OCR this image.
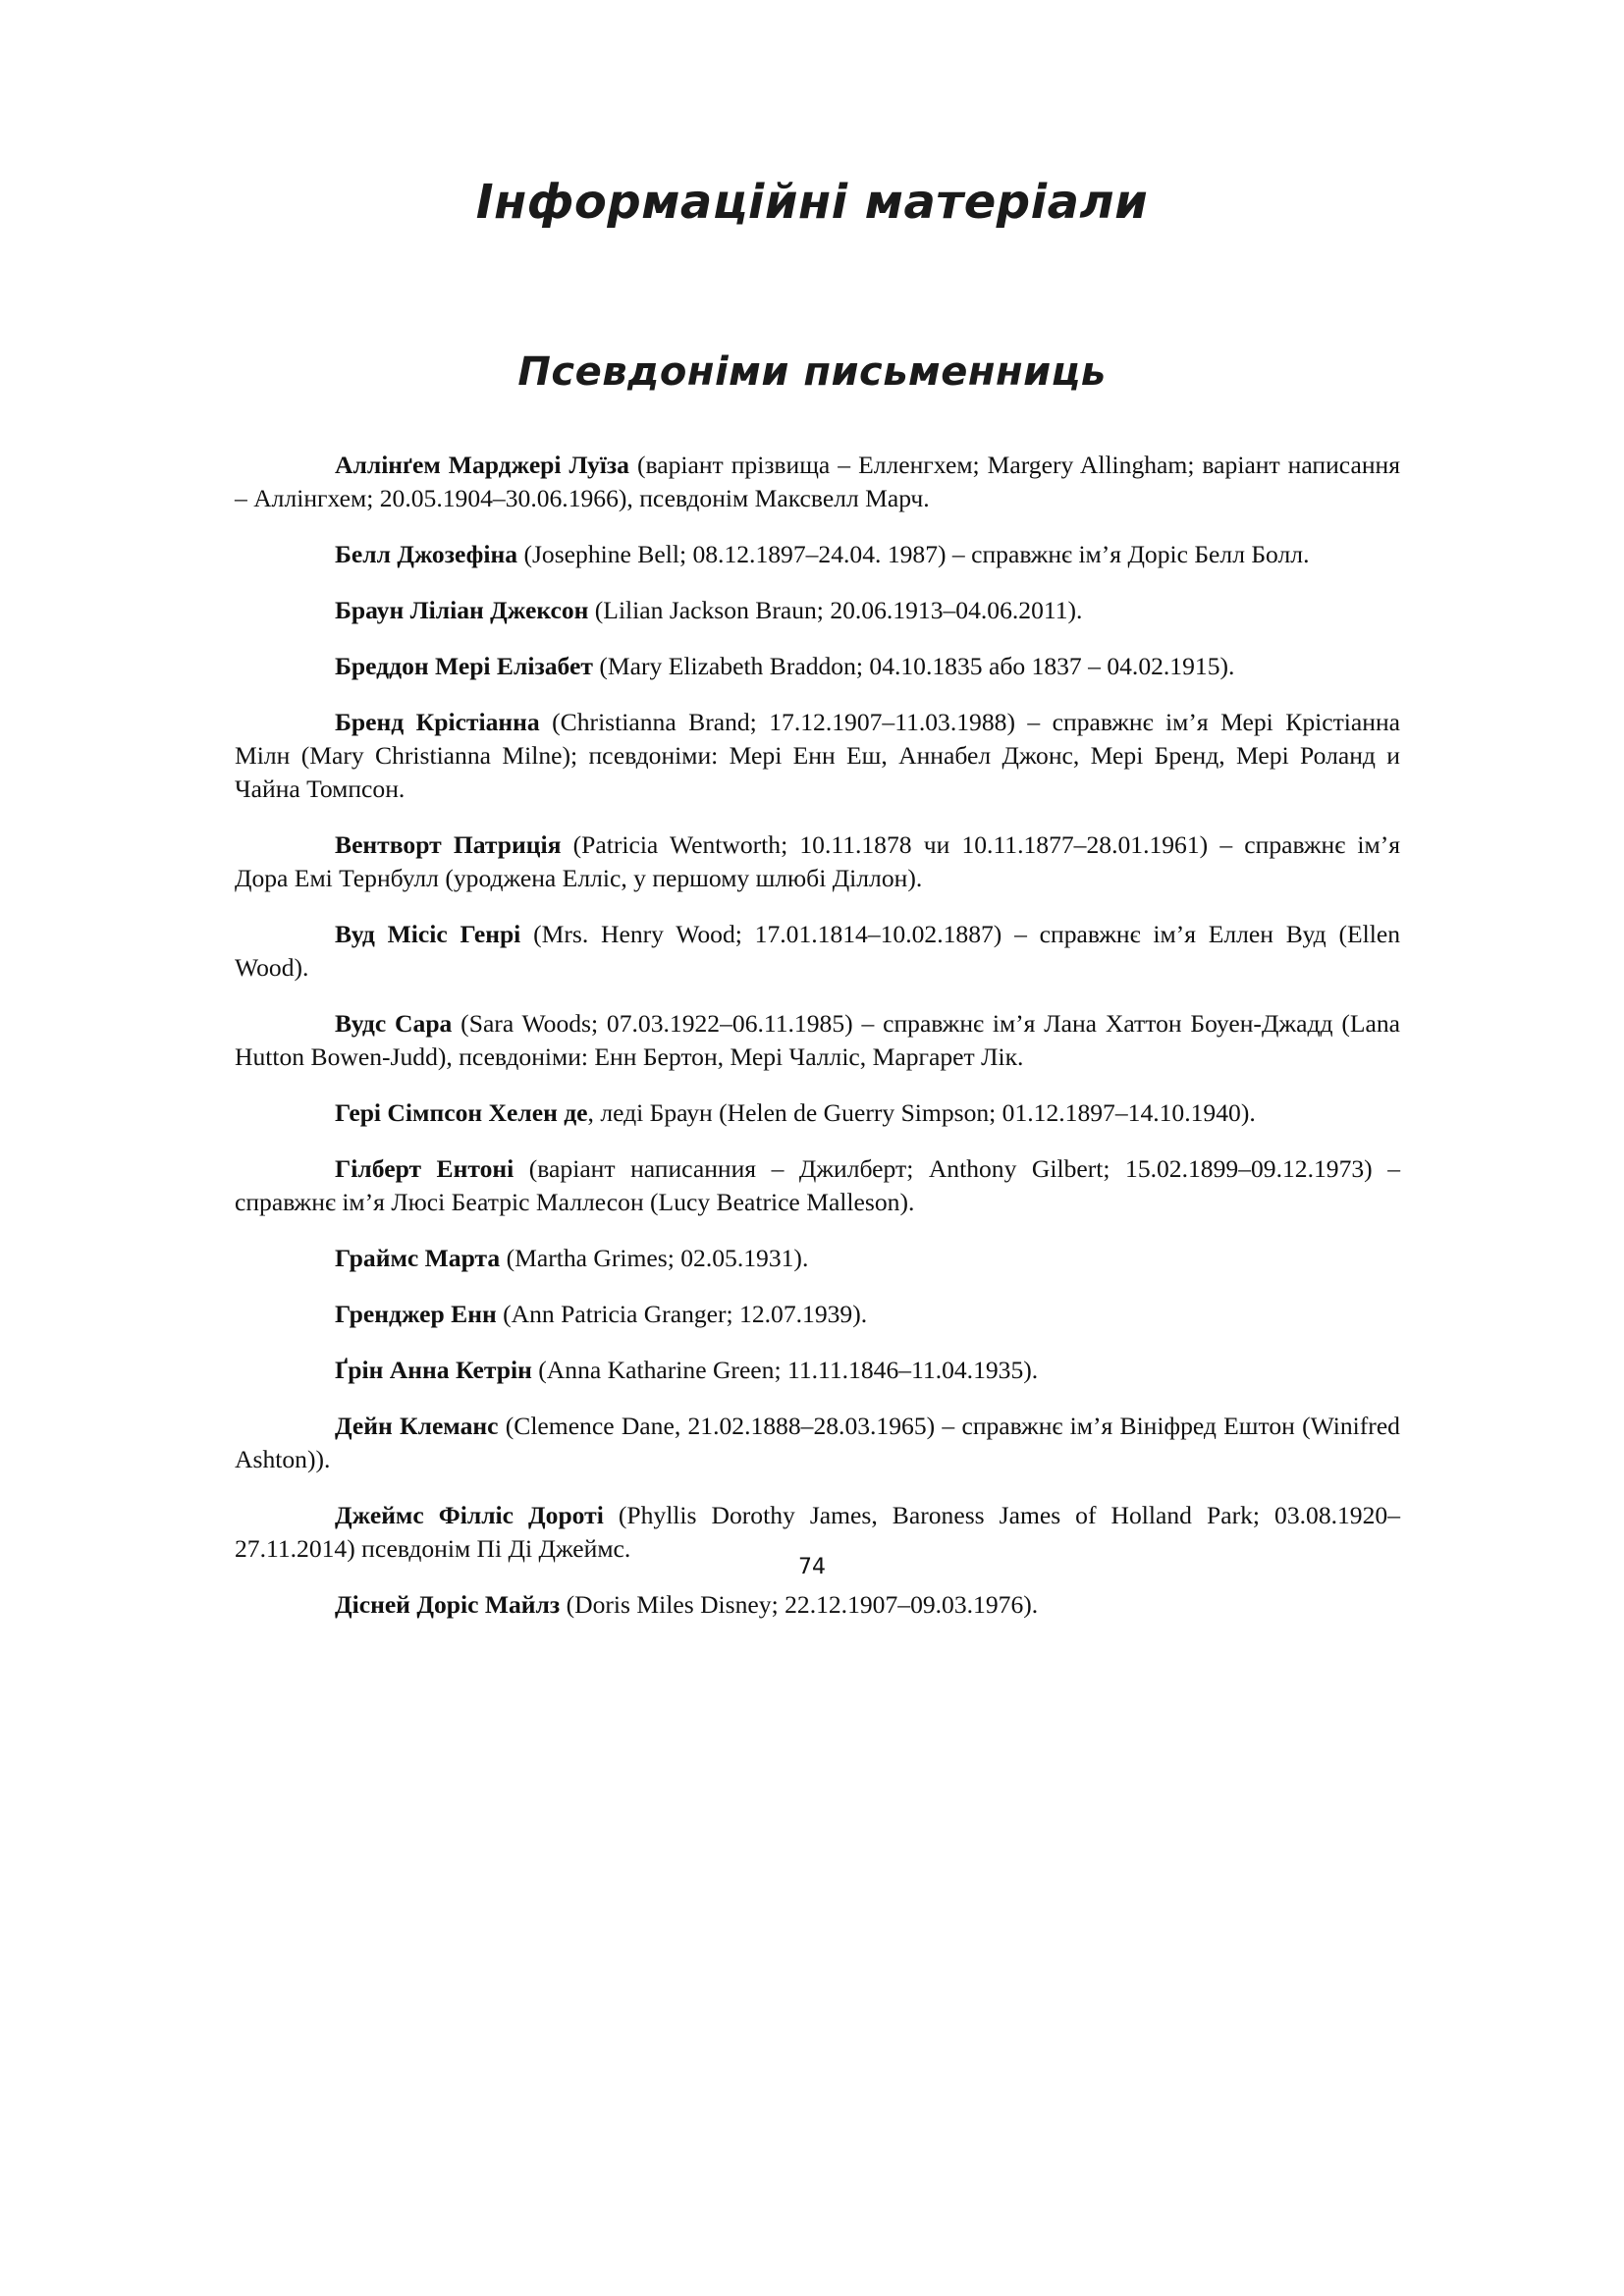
Інформаційні матеріали
Псевдоніми письменниць

Аллінґем Марджері Луїза (варіант прізвища – Елленгхем; Margery Allingham; варіант написання – Аллінгхем; 20.05.1904–30.06.1966), псевдонім Максвелл Марч.

Белл Джозефіна (Josephine Bell; 08.12.1897–24.04. 1987) – справжнє ім’я Доріс Белл Болл.

Браун Ліліан Джексон (Lilian Jackson Braun; 20.06.1913–04.06.2011).

Бреддон Мері Елізабет (Mary Elizabeth Braddon; 04.10.1835 або 1837 – 04.02.1915).

Бренд Крістіанна (Christianna Brand; 17.12.1907–11.03.1988) – справжнє ім’я Мері Крістіанна Мілн (Mary Christianna Milne); псевдоніми: Мері Енн Еш, Аннабел Джонс, Мері Бренд, Мері Роланд и Чайна Томпсон.

Вентворт Патриція (Patricia Wentworth; 10.11.1878 чи 10.11.1877–28.01.1961) – справжнє ім’я Дора Емі Тернбулл (уроджена Елліс, у першому шлюбі Діллон).

Вуд Місіс Генрі (Mrs. Henry Wood; 17.01.1814–10.02.1887) – справжнє ім’я Еллен Вуд (Ellen Wood).

Вудс Сара (Sara Woods; 07.03.1922–06.11.1985) – справжнє ім’я Лана Хаттон Боуен-Джадд (Lana Hutton Bowen-Judd), псевдоніми: Енн Бертон, Мері Чалліс, Маргарет Лік.

Гері Сімпсон Хелен де, леді Браун (Helen de Guerry Simpson; 01.12.1897–14.10.1940).

Гілберт Ентоні (варіант написанния – Джилберт; Anthony Gilbert; 15.02.1899–09.12.1973) – справжнє ім’я Люсі Беатріс Маллесон (Lucy Beatrice Malleson).

Граймс Марта (Martha Grimes; 02.05.1931).

Гренджер Енн (Ann Patricia Granger; 12.07.1939).

Ґрін Анна Кетрін (Anna Katharine Green; 11.11.1846–11.04.1935).

Дейн Клеманс (Clemence Dane, 21.02.1888–28.03.1965) – справжнє ім’я Вініфред Ештон (Winifred Ashton)).

Джеймс Філліс Дороті (Phyllis Dorothy James, Baroness James of Holland Park; 03.08.1920–27.11.2014) псевдонім Пі Ді Джеймс.

Дісней Доріс Майлз (Doris Miles Disney; 22.12.1907–09.03.1976).

74
